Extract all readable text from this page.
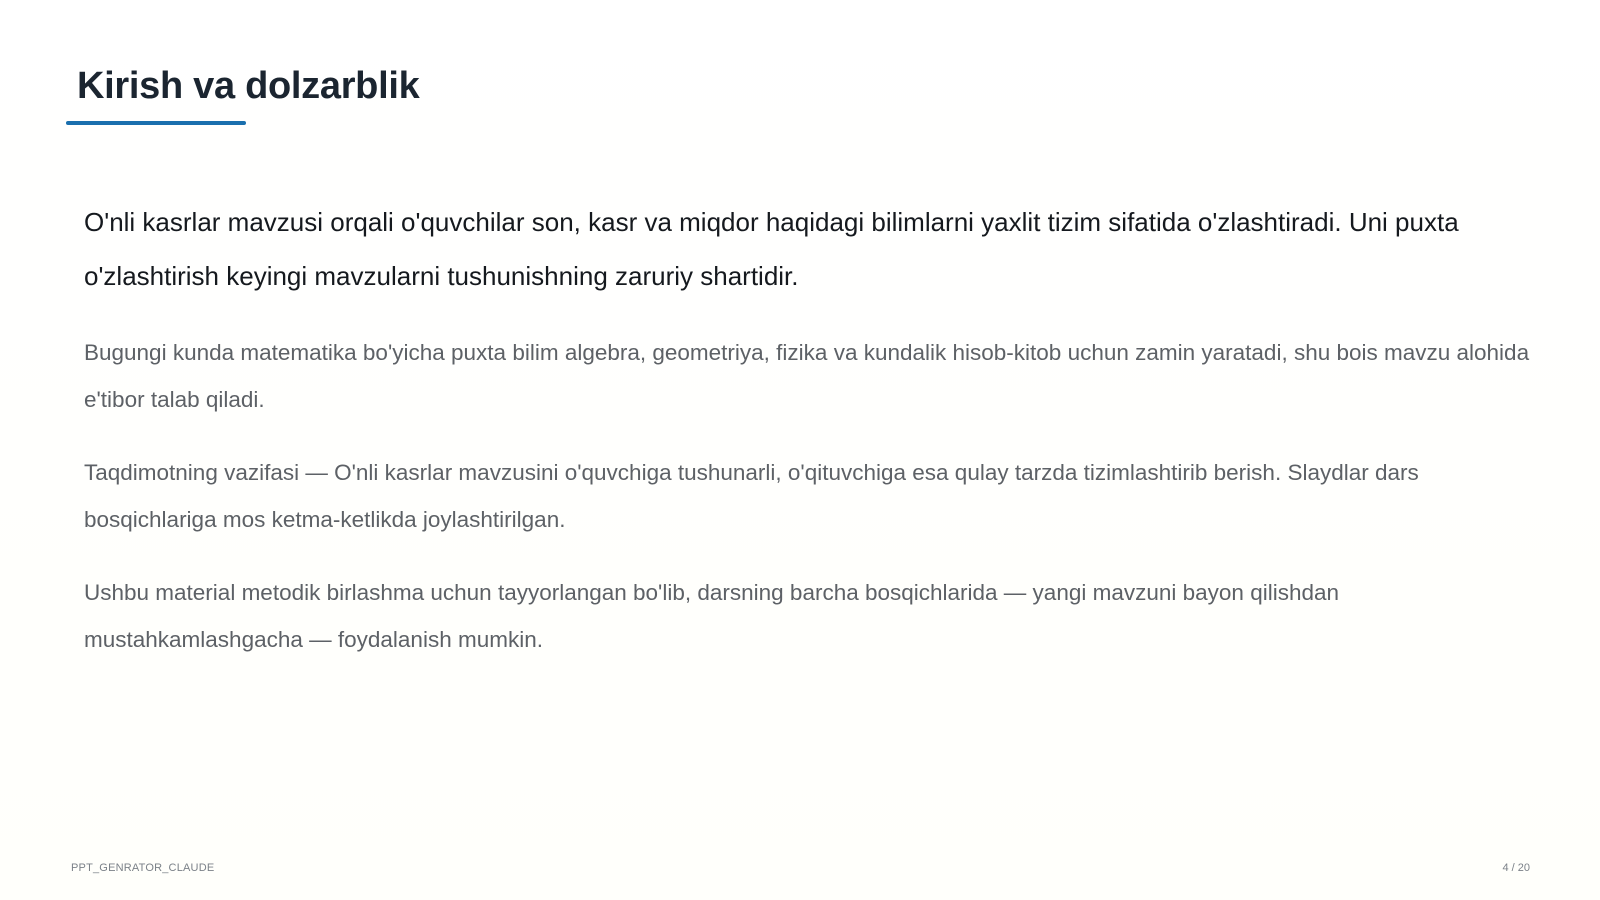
Kirish va dolzarblik

O'nli kasrlar mavzusi orqali o'quvchilar son, kasr va miqdor haqidagi bilimlarni yaxlit tizim sifatida o'zlashtiradi. Uni puxta o'zlashtirish keyingi mavzularni tushunishning zaruriy shartidir.

Bugungi kunda matematika bo'yicha puxta bilim algebra, geometriya, fizika va kundalik hisob-kitob uchun zamin yaratadi, shu bois mavzu alohida e'tibor talab qiladi.

Taqdimotning vazifasi — O'nli kasrlar mavzusini o'quvchiga tushunarli, o'qituvchiga esa qulay tarzda tizimlashtirib berish. Slaydlar dars bosqichlariga mos ketma-ketlikda joylashtirilgan.

Ushbu material metodik birlashma uchun tayyorlangan bo'lib, darsning barcha bosqichlarida — yangi mavzuni bayon qilishdan mustahkamlashgacha — foydalanish mumkin.

PPT_GENRATOR_CLAUDE	4 / 20
